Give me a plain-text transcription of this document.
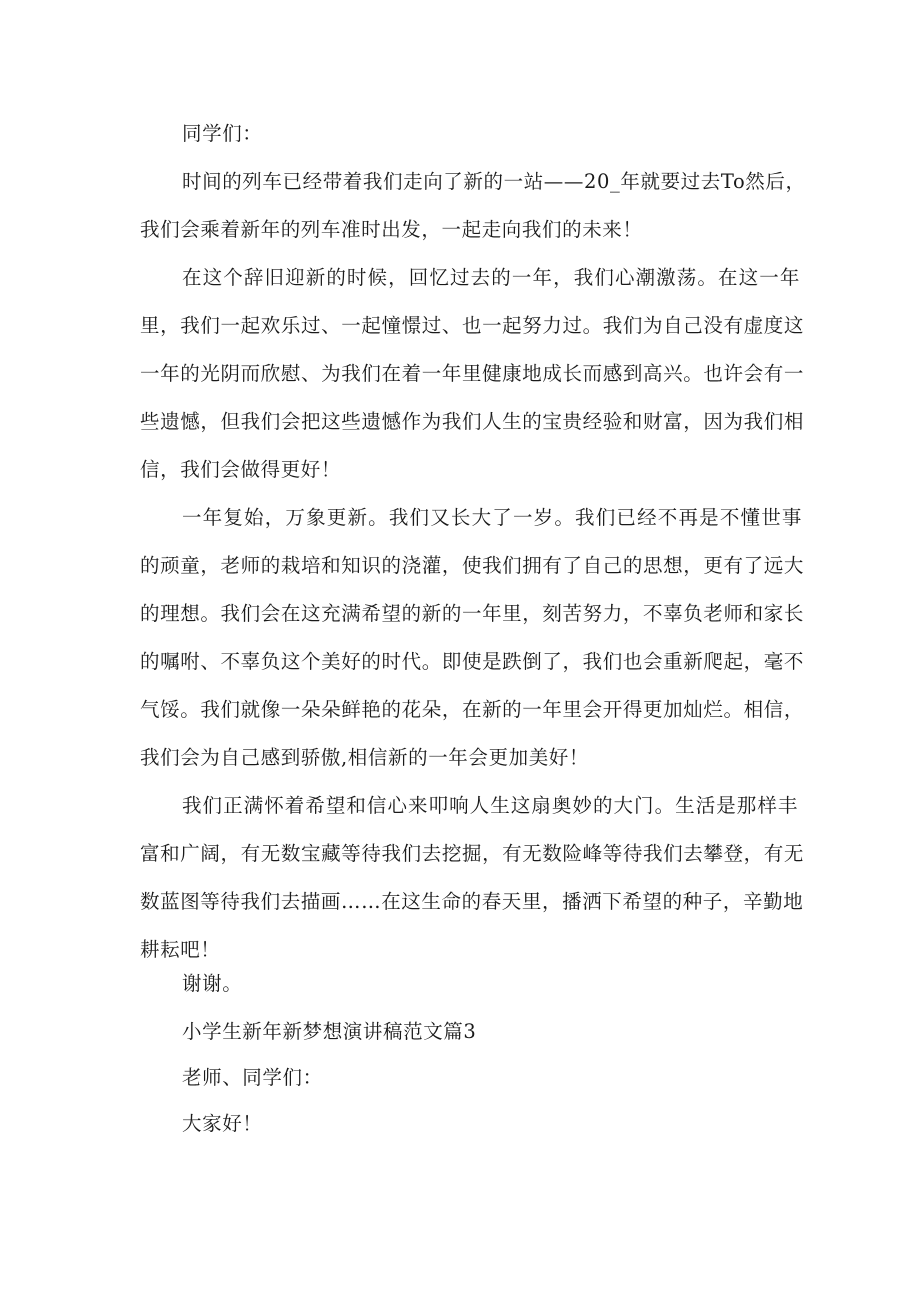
同学们：
时间的列车已经带着我们走向了新的一站——20_年就要过去To然后，
我们会乘着新年的列车准时出发，一起走向我们的未来！
在这个辞旧迎新的时候，回忆过去的一年，我们心潮激荡。在这一年
里，我们一起欢乐过、一起憧憬过、也一起努力过。我们为自己没有虚度这
一年的光阴而欣慰、为我们在着一年里健康地成长而感到高兴。也许会有一
些遗憾，但我们会把这些遗憾作为我们人生的宝贵经验和财富，因为我们相
信，我们会做得更好！
一年复始，万象更新。我们又长大了一岁。我们已经不再是不懂世事
的顽童，老师的栽培和知识的浇灌，使我们拥有了自己的思想，更有了远大
的理想。我们会在这充满希望的新的一年里，刻苦努力，不辜负老师和家长
的嘱咐、不辜负这个美好的时代。即使是跌倒了，我们也会重新爬起，毫不
气馁。我们就像一朵朵鲜艳的花朵，在新的一年里会开得更加灿烂。相信，
我们会为自己感到骄傲,相信新的一年会更加美好！
我们正满怀着希望和信心来叩响人生这扇奥妙的大门。生活是那样丰
富和广阔，有无数宝藏等待我们去挖掘，有无数险峰等待我们去攀登，有无
数蓝图等待我们去描画……在这生命的春天里，播洒下希望的种子，辛勤地
耕耘吧！
谢谢。
小学生新年新梦想演讲稿范文篇3
老师、同学们：
大家好！
